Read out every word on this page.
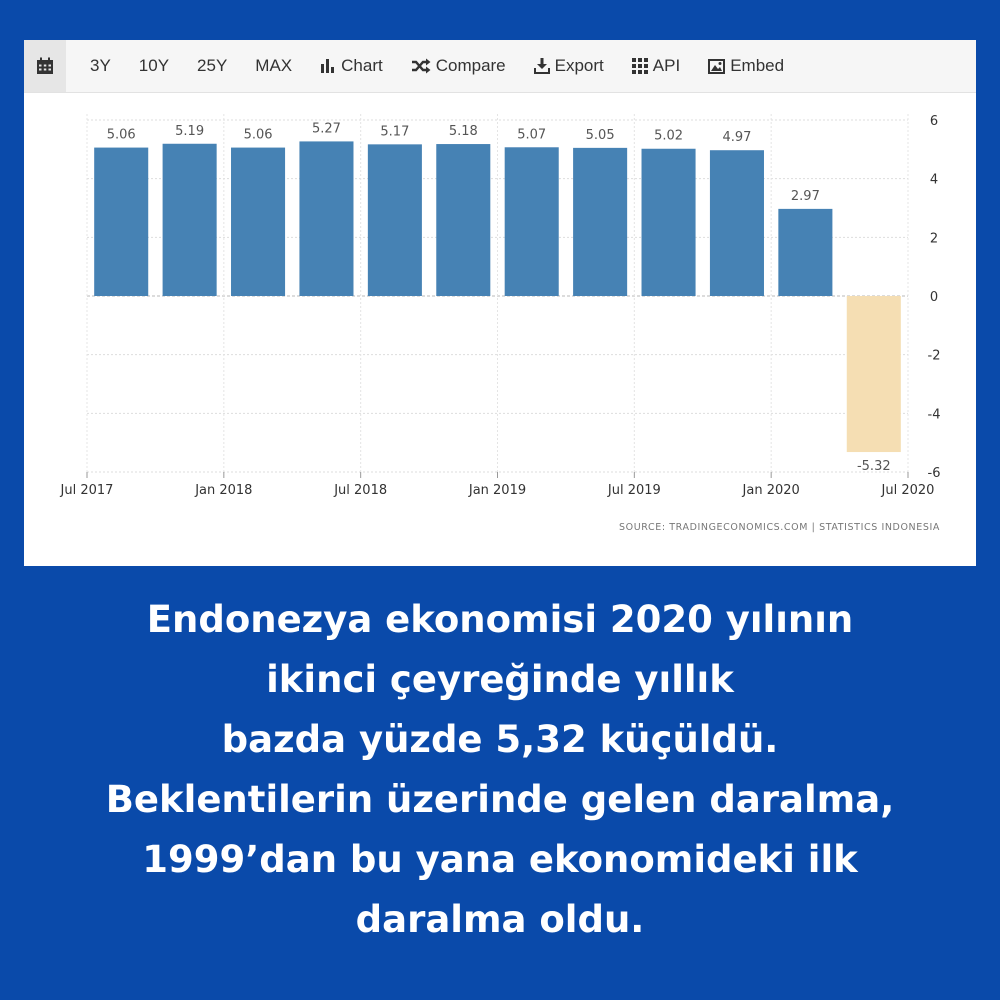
3Y 10Y 25Y MAX	Chart	Compare	Export	API	Embed
6
4
2
0
-2
-4
-6
Jul 2017	Jan 2018	Jul 2018	Jan 2019	Jul 2019	Jan 2020	Jul 2020
5.06	5.19	5.06	5.27	5.17	5.18	5.07	5.05	5.02	4.97
2.97
-5.32
SOURCE: TRADINGECONOMICS.COM | STATISTICS INDONESIA
Endonezya ekonomisi 2020 yılının
ikinci çeyreğinde yıllık
bazda yüzde 5,32 küçüldü.
Beklentilerin üzerinde gelen daralma,
1999’dan bu yana ekonomideki ilk
daralma oldu.
